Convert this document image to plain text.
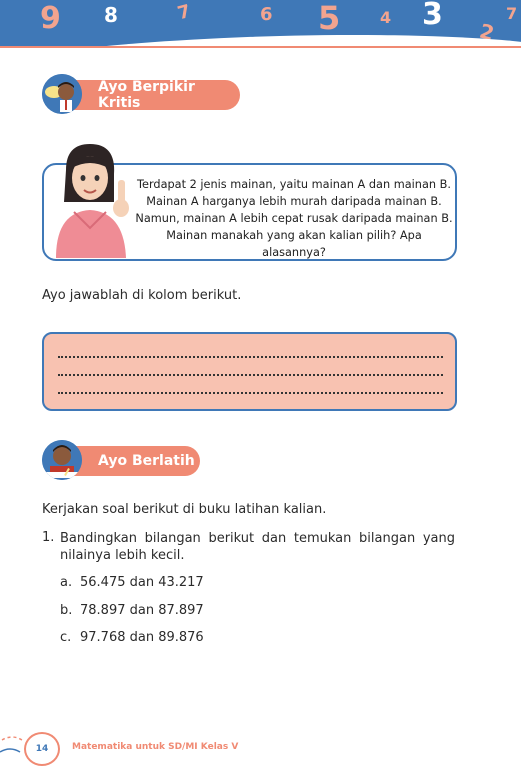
9 8	7	6 5 4 3
2
7
Ayo Berpikir Kritis
Terdapat 2 jenis mainan, yaitu mainan A dan mainan B.
Mainan A harganya lebih murah daripada mainan B.
Namun, mainan A lebih cepat rusak daripada mainan B.
Mainan manakah yang akan kalian pilih? Apa alasannya?
Ayo jawablah di kolom berikut.
Ayo Berlatih
Kerjakan soal berikut di buku latihan kalian.
1. Bandingkan bilangan berikut dan temukan bilangan yang nilainya lebih kecil.
a. 56.475 dan 43.217
b. 78.897 dan 87.897
c. 97.768 dan 89.876
14	Matematika untuk SD/MI Kelas V
